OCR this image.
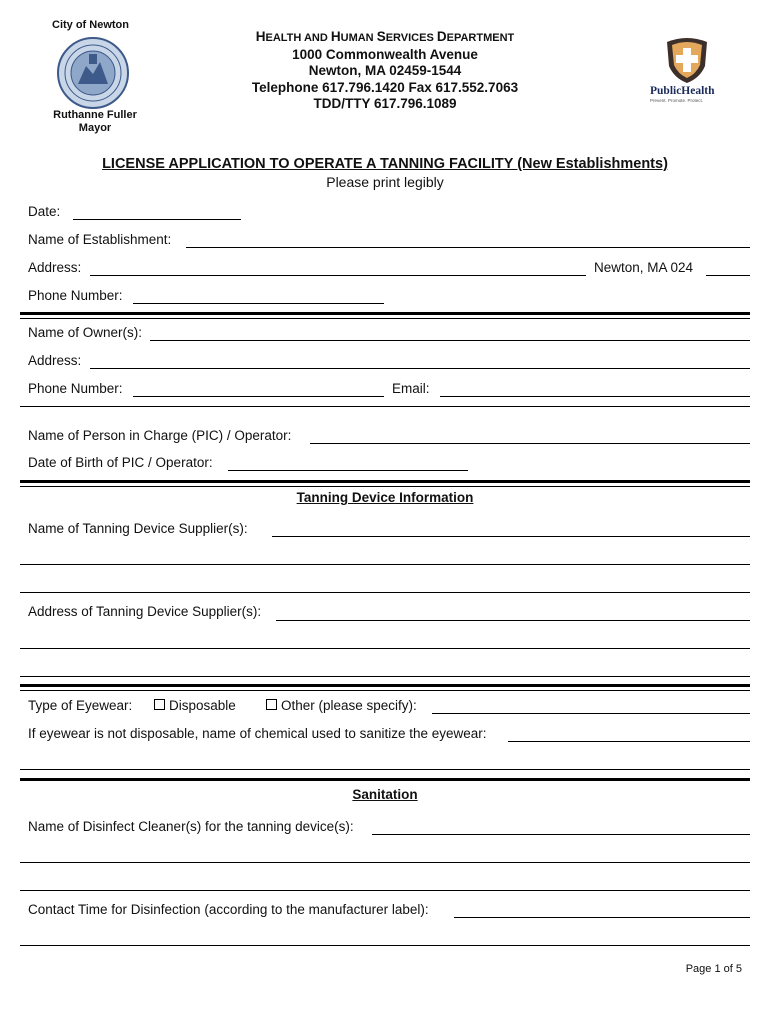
City of Newton
Ruthanne Fuller
Mayor
HEALTH AND HUMAN SERVICES DEPARTMENT
1000 Commonwealth Avenue
Newton, MA 02459-1544
Telephone 617.796.1420 Fax 617.552.7063
TDD/TTY 617.796.1089
PublicHealth
Prevent. Promote. Protect.
LICENSE APPLICATION TO OPERATE A TANNING FACILITY (New Establishments)
Please print legibly
Date:
Name of Establishment:
Address:	Newton, MA 024
Phone Number:
Name of Owner(s):
Address:
Phone Number:	Email:
Name of Person in Charge (PIC) / Operator:
Date of Birth of PIC / Operator:
Tanning Device Information
Name of Tanning Device Supplier(s):
Address of Tanning Device Supplier(s):
Type of Eyewear:	Disposable	Other (please specify):
If eyewear is not disposable, name of chemical used to sanitize the eyewear:
Sanitation
Name of Disinfect Cleaner(s) for the tanning device(s):
Contact Time for Disinfection (according to the manufacturer label):
Page 1 of 5
